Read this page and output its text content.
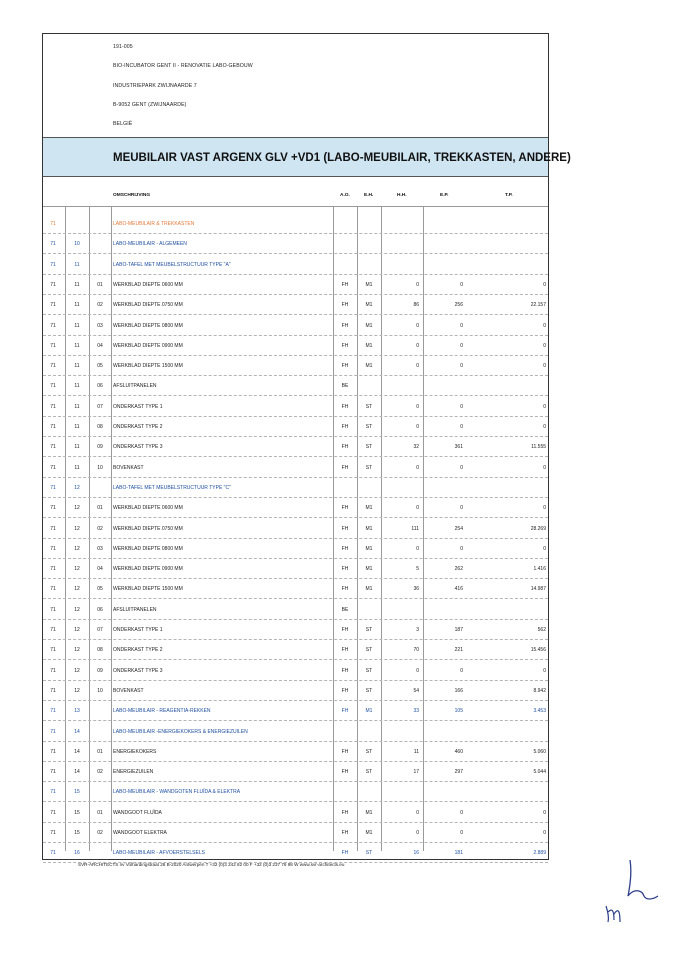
191-005
BIO-INCUBATOR GENT II - RENOVATIE LABO-GEBOUW
INDUSTRIEPARK ZWIJNAARDE 7
B-9052 GENT (ZWIJNAARDE)
BELGIË
MEUBILAIR VAST ARGENX GLV +VD1 (LABO-MEUBILAIR, TREKKASTEN, ANDERE)
OMSCHRIJVING	A.O.	E.H.	H.H.	E.P.	T.P.
71	LABO-MEUBILAIR & TREKKASTEN
71	10	LABO-MEUBILAIR - ALGEMEEN
71	11	LABO-TAFEL MET MEUBELSTRUCTUUR TYPE "A"
71	11	01	WERKBLAD DIEPTE 0600 MM	FH	M1	0	0	0
71	11	02	WERKBLAD DIEPTE 0750 MM	FH	M1	86	256	22.157
71	11	03	WERKBLAD DIEPTE 0800 MM	FH	M1	0	0	0
71	11	04	WERKBLAD DIEPTE 0900 MM	FH	M1	0	0	0
71	11	05	WERKBLAD DIEPTE 1500 MM	FH	M1	0	0	0
71	11	06	AFSLUITPANELEN	BE
71	11	07	ONDERKAST TYPE 1	FH	ST	0	0	0
71	11	08	ONDERKAST TYPE 2	FH	ST	0	0	0
71	11	09	ONDERKAST TYPE 3	FH	ST	32	361	11.555
71	11	10	BOVENKAST	FH	ST	0	0	0
71	12	LABO-TAFEL MET MEUBELSTRUCTUUR TYPE "C"
71	12	01	WERKBLAD DIEPTE 0600 MM	FH	M1	0	0	0
71	12	02	WERKBLAD DIEPTE 0750 MM	FH	M1	111	254	28.269
71	12	03	WERKBLAD DIEPTE 0800 MM	FH	M1	0	0	0
71	12	04	WERKBLAD DIEPTE 0900 MM	FH	M1	5	262	1.416
71	12	05	WERKBLAD DIEPTE 1500 MM	FH	M1	36	416	14.987
71	12	06	AFSLUITPANELEN	BE
71	12	07	ONDERKAST TYPE 1	FH	ST	3	187	562
71	12	08	ONDERKAST TYPE 2	FH	ST	70	221	15.456
71	12	09	ONDERKAST TYPE 3	FH	ST	0	0	0
71	12	10	BOVENKAST	FH	ST	54	166	8.942
71	13	LABO-MEUBILAIR - REAGENTIA-REKKEN	FH	M1	33	105	3.453
71	14	LABO-MEUBILAIR -ENERGIEKOKERS & ENERGIEZUILEN
71	14	01	ENERGIEKOKERS	FH	ST	11	460	5.060
71	14	02	ENERGIEZUILEN	FH	ST	17	297	5.044
71	15	LABO-MEUBILAIR - WANDGOTEN FLUÏDA & ELEKTRA
71	15	01	WANDGOOT FLUÏDA	FH	M1	0	0	0
71	15	02	WANDGOOT ELEKTRA	FH	M1	0	0	0
71	16	LABO-MEUBILAIR - AFVOERSTELSELS	FH	ST	16	181	2.889
SVR-ARCHITECTS nv Volhardingstraat 26 B-2020 Antwerpen T +32 (0)3 242 82 00 F +32 (0)3 237 76 98 W www.svr-architects.eu
